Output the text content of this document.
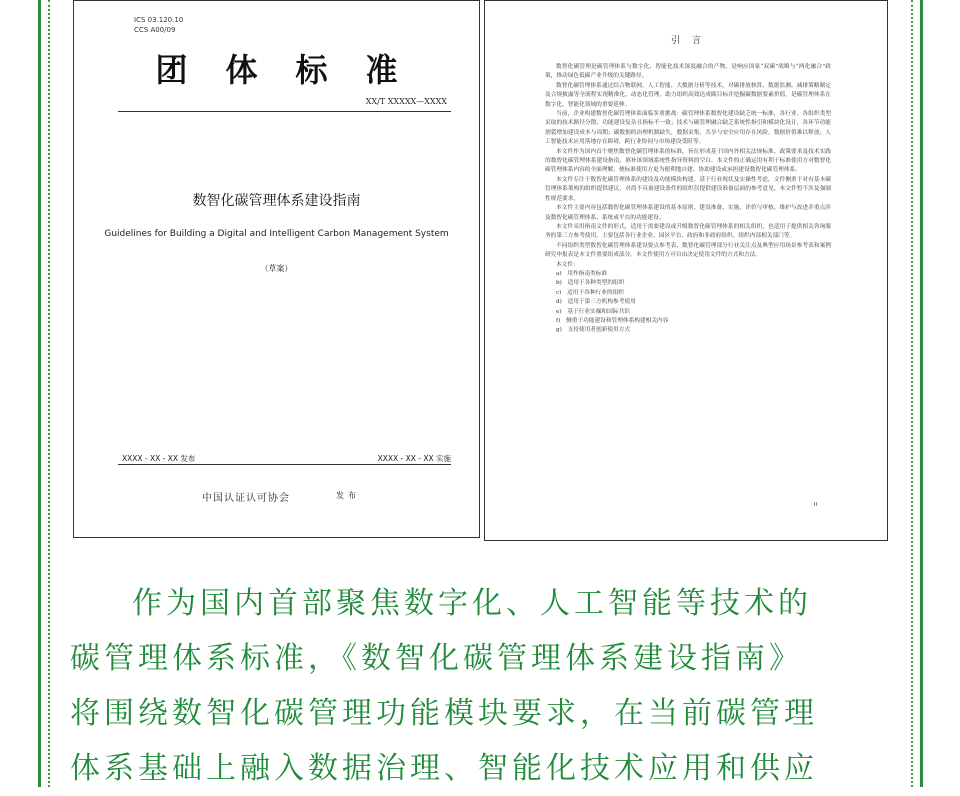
ICS 03.120.10
CCS A00/09
团体标准
XX/T XXXXX—XXXX
数智化碳管理体系建设指南
Guidelines for Building a Digital and Intelligent Carbon Management System
（草案）
XXXX - XX - XX 发布	XXXX - XX - XX 实施
中国认证认可协会	发布
引言

数智化碳管理是碳管理体系与数字化、智能化技术深度融合的产物，是响应国家“双碳”战略与“两化融合”政策，推动绿色低碳产业升级的关键路径。

数智化碳管理体系通过结合物联网、人工智能、大数据分析等技术，对碳排放核算、数据监测、减排策略制定及合规披露等全流程实现精准化、动态化管理，助力组织高效达成碳目标并挖掘碳数据要素价值，是碳管理体系在数字化、智能化领域的重要延伸。

当前，企业构建数智化碳管理体系面临多重挑战：碳管理体系数智化建设缺乏统一标准，各行业、各组织类型采取的技术路径分散、功能建设复杂且指标不一致；技术与碳管理融合缺乏系统性指引和模块化设计，各环节功能割裂增加建设成本与周期；碳数据的治理机制缺失，数据采集、共享与安全应用存在风险，数据价值难以释放；人工智能技术应用落地存在障碍，跨行业协同与市场建设受阻等。

本文件作为国内首个聚焦数智化碳管理体系的标准，旨在形成基于国内外相关法规标准、政策要求及技术实践的数智化碳管理体系建设指南，填补该领域系统性指导资料的空白。本文件的正确运用有利于标准使用方对数智化碳管理体系内容的全面理解，便标准使用方更为便利地自建、协助建设或承担建设数智化碳管理体系。

本文件专注于数智化碳管理体系的建设及功能模块构建，基于行业现状及实操性考虑，文件侧重于对有基本碳管理体系架构的组织提供建议，对尚不具备建设条件的组织仅提供建设准备层面的参考意见。本文件暂不涉及强制性规范要求。

本文件主要内容包括数智化碳管理体系建设的基本原则、建设准备、实施、评价与审核、维护与改进并重点涉及数智化碳管理体系、系统或平台的功能建设。

本文件采用指南文件的形式，适用于需要建设或升级数智化碳管理体系的相关组织，也适用于提供相关咨询服务的第三方参考使用，主要包括各行业企业、园区平台、政府和非政府组织、组织内部相关部门等。

不同组织类型数智化碳管理体系建设要点参考表、数智化碳管理部分行业关注点及典型应用场景参考表和案例研究申报表是本文件重要组成部分。本文件使用方可自由决定使用文件的方式和方法。

本文件：

a)　用作指南类标准

b)　适用于各种类型的组织

c)　适用于各种行业的组织

d)　适用于第三方机构参考使用

e)　基于行业实操和国际共识

f)　侧重于功能建设和管理体系构建相关内容

g)　支持使用者创新使用方式

II

作为国内首部聚焦数字化、人工智能等技术的

碳管理体系标准，《数智化碳管理体系建设指南》

将围绕数智化碳管理功能模块要求，在当前碳管理

体系基础上融入数据治理、智能化技术应用和供应
